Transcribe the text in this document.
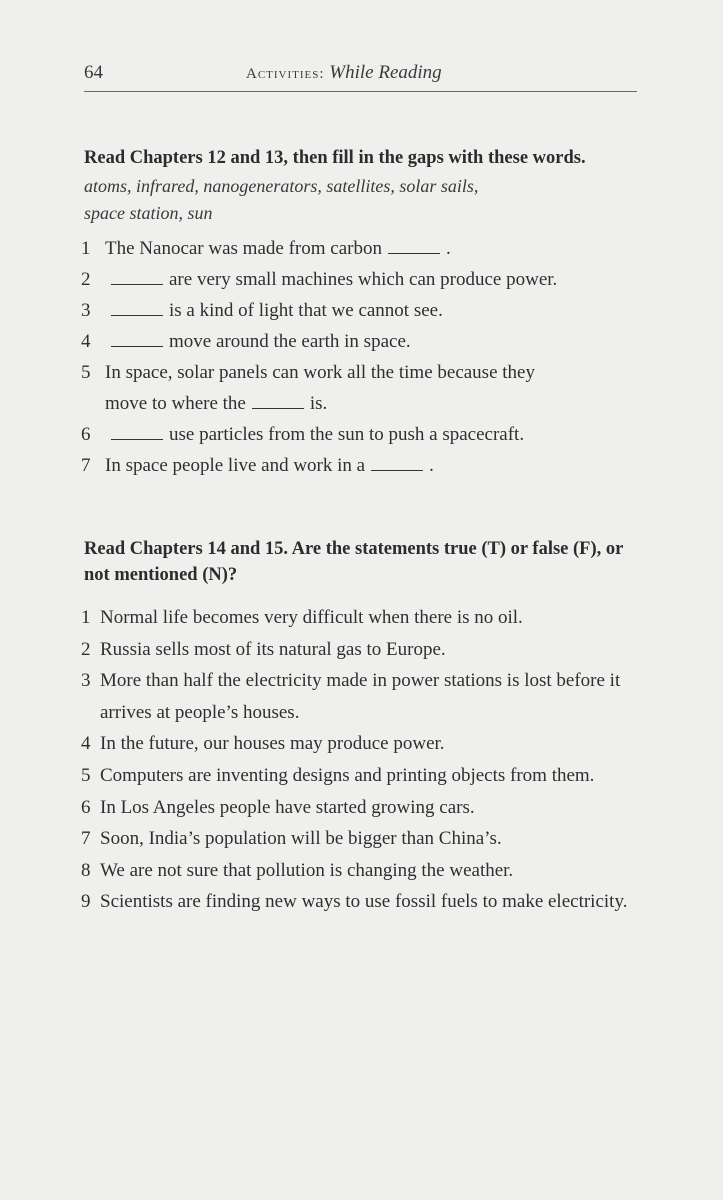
64	Activities: While Reading
Read Chapters 12 and 13, then fill in the gaps with these words.
atoms, infrared, nanogenerators, satellites, solar sails,
space station, sun
1 The Nanocar was made from carbon	.
2	are very small machines which can produce power.
3	is a kind of light that we cannot see.
4	move around the earth in space.
5 In space, solar panels can work all the time because they
move to where the	is.
6	use particles from the sun to push a spacecraft.
7 In space people live and work in a	.
Read Chapters 14 and 15. Are the statements true (T) or false (F), or not mentioned (N)?
1 Normal life becomes very difficult when there is no oil.
2 Russia sells most of its natural gas to Europe.
3 More than half the electricity made in power stations is lost before it arrives at people’s houses.
4 In the future, our houses may produce power.
5 Computers are inventing designs and printing objects from them.
6 In Los Angeles people have started growing cars.
7 Soon, India’s population will be bigger than China’s.
8 We are not sure that pollution is changing the weather.
9 Scientists are finding new ways to use fossil fuels to make electricity.
